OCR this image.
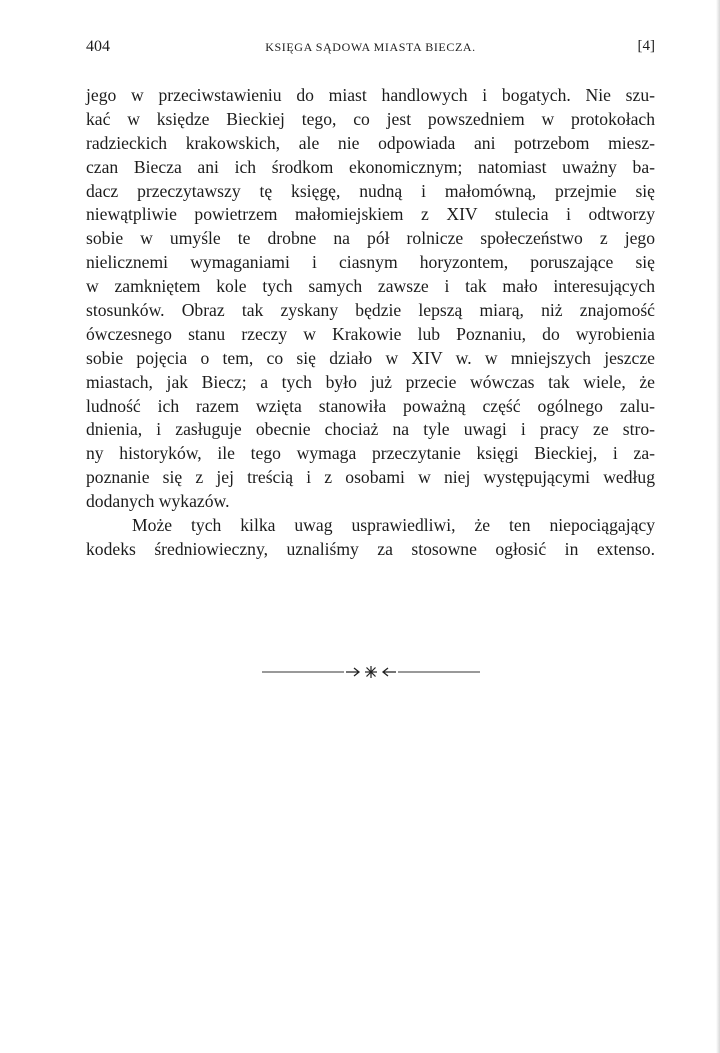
404	KSIĘGA SĄDOWA MIASTA BIECZA.	[4]
jego w przeciwstawieniu do miast handlowych i bogatych. Nie szu-
kać w księdze Bieckiej tego, co jest powszedniem w protokołach
radzieckich krakowskich, ale nie odpowiada ani potrzebom miesz-
czan Biecza ani ich środkom ekonomicznym; natomiast uważny ba-
dacz przeczytawszy tę księgę, nudną i małomówną, przejmie się
niewątpliwie powietrzem małomiejskiem z XIV stulecia i odtworzy
sobie w umyśle te drobne na pół rolnicze społeczeństwo z jego
nielicznemi wymaganiami i ciasnym horyzontem, poruszające się
w zamkniętem kole tych samych zawsze i tak mało interesujących
stosunków. Obraz tak zyskany będzie lepszą miarą, niż znajomość
ówczesnego stanu rzeczy w Krakowie lub Poznaniu, do wyrobienia
sobie pojęcia o tem, co się działo w XIV w. w mniejszych jeszcze
miastach, jak Biecz; a tych było już przecie wówczas tak wiele, że
ludność ich razem wzięta stanowiła poważną część ogólnego zalu-
dnienia, i zasługuje obecnie chociaż na tyle uwagi i pracy ze stro-
ny historyków, ile tego wymaga przeczytanie księgi Bieckiej, i za-
poznanie się z jej treścią i z osobami w niej występującymi według
dodanych wykazów.
Może tych kilka uwag usprawiedliwi, że ten niepociągający
kodeks średniowieczny, uznaliśmy za stosowne ogłosić in extenso.
